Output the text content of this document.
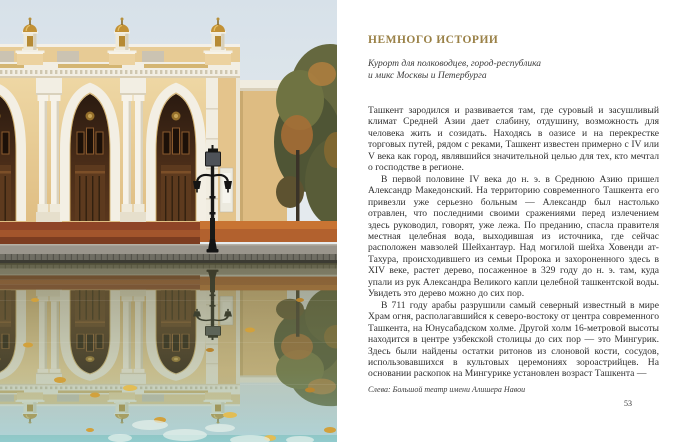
НЕМНОГО ИСТОРИИ
Курорт для полководцев, город-республика
и микс Москвы и Петербурга

Ташкент зародился и развивается там, где суровый и засушливый климат Средней Азии дает слабину, отдушину, возможность для человека жить и созидать. Находясь в оазисе и на перекрестке торговых путей, рядом с реками, Ташкент известен примерно с IV или V века как город, являвшийся значительной целью для тех, кто мечтал о господстве в регионе.

В первой половине IV века до н. э. в Среднюю Азию пришел Александр Македонский. На территорию современного Ташкента его привезли уже серьезно больным — Александр был настолько отравлен, что последними своими сражениями перед излечением здесь руководил, говорят, уже лежа. По преданию, спасла правителя местная целебная вода, выходившая из источника, где сейчас расположен мавзолей Шейхантаур. Над могилой шейха Ховенди ат-Тахура, происходившего из семьи Пророка и захороненного здесь в XIV веке, растет дерево, посаженное в 329 году до н. э. там, куда упали из рук Александра Великого капли целебной ташкентской воды. Увидеть это дерево можно до сих пор.

В 711 году арабы разрушили самый северный известный в мире Храм огня, располагавшийся к северо-востоку от центра современного Ташкента, на Юнусабадском холме. Другой холм 16-метровой высоты находится в центре узбекской столицы до сих пор — это Мингурик. Здесь были найдены остатки ритонов из слоновой кости, сосудов, использовавшихся в культовых церемониях зороастрийцев. На основании раскопок на Мингурике установлен возраст Ташкента —

Слева: Большой театр имени Алишера Навои
53
